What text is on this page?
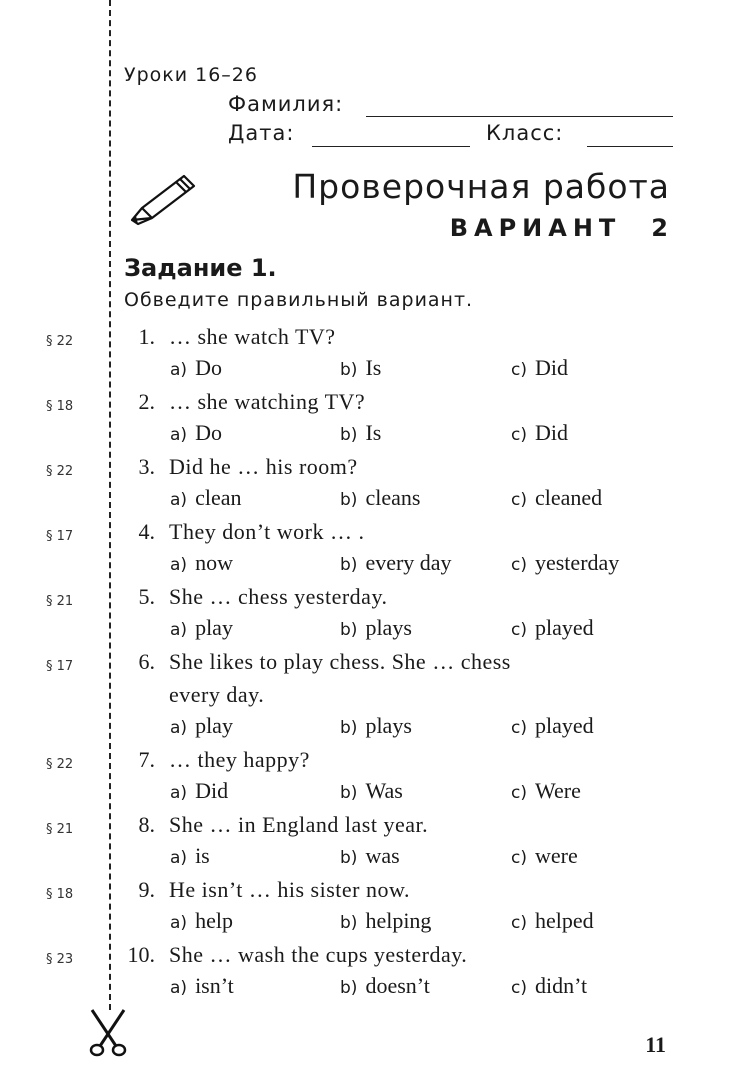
Уроки 16–26
Фамилия:
Дата:	Класс:
Проверочная работа
ВАРИАНТ 2
Задание 1.
Обведите правильный вариант.
§ 22	1. … she watch TV?
a) Do	b) Is	c) Did
§ 18	2. … she watching TV?
a) Do	b) Is	c) Did
§ 22	3. Did he … his room?
a) clean	b) cleans	c) cleaned
§ 17	4. They don’t work … .
a) now	b) every day	c) yesterday
§ 21	5. She … chess yesterday.
a) play	b) plays	c) played
§ 17	6. She likes to play chess. She … chess
every day.
a) play	b) plays	c) played
§ 22	7. … they happy?
a) Did	b) Was	c) Were
§ 21	8. She … in England last year.
a) is	b) was	c) were
§ 18	9. He isn’t … his sister now.
a) help	b) helping	c) helped
§ 23	10. She … wash the cups yesterday.
a) isn’t	b) doesn’t	c) didn’t
11
